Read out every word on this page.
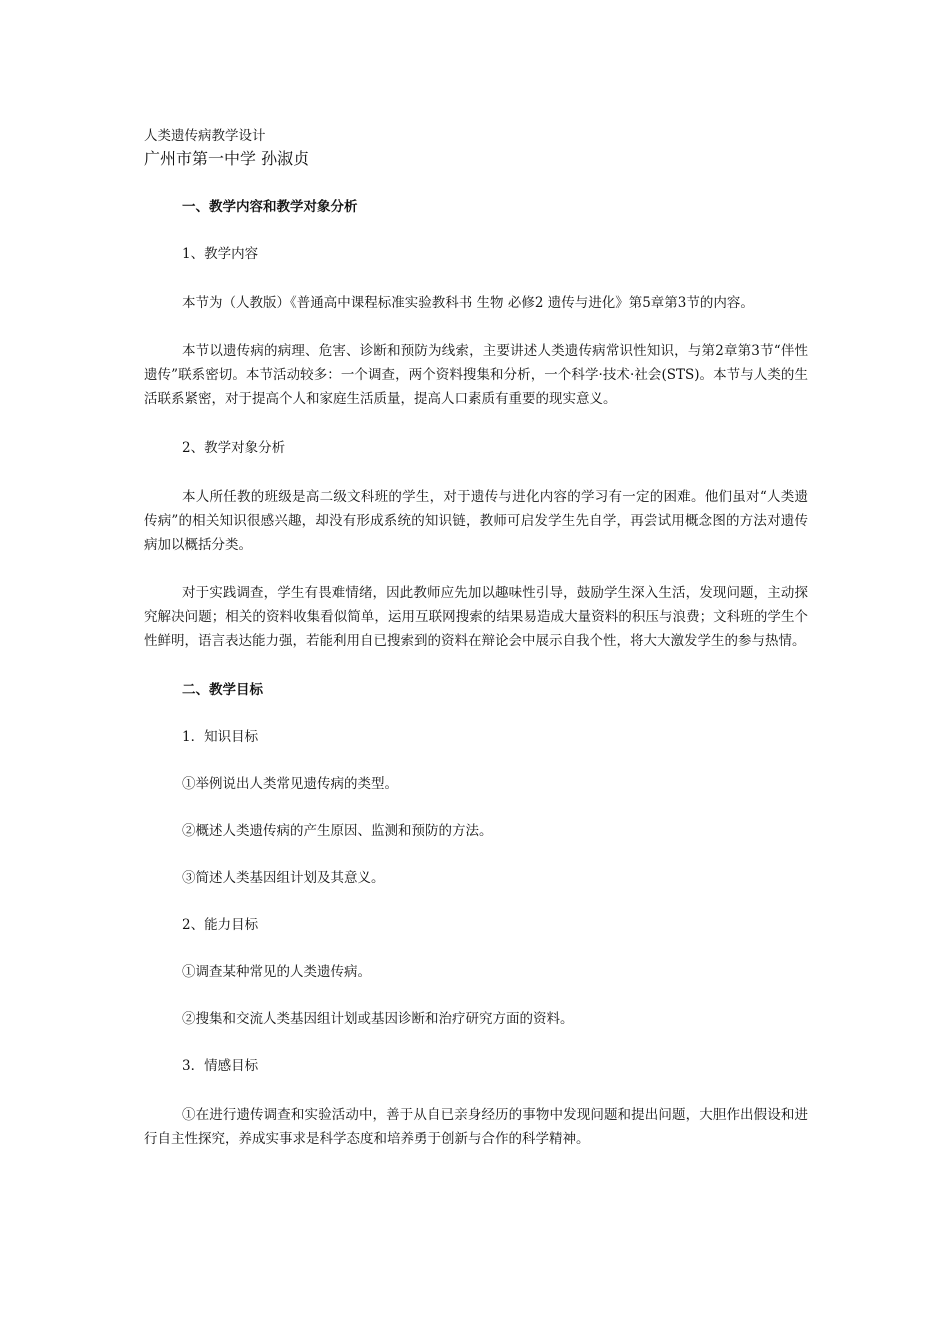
人类遗传病教学设计

广州市第一中学 孙淑贞

一、教学内容和教学对象分析

1、教学内容

本节为（人教版）《普通高中课程标准实验教科书 生物 必修2 遗传与进化》第5章第3节的内容。

本节以遗传病的病理、危害、诊断和预防为线索，主要讲述人类遗传病常识性知识，与第2章第3节“伴性遗传”联系密切。本节活动较多：一个调查，两个资料搜集和分析，一个科学·技术·社会(STS)。本节与人类的生活联系紧密，对于提高个人和家庭生活质量，提高人口素质有重要的现实意义。

2、教学对象分析

本人所任教的班级是高二级文科班的学生，对于遗传与进化内容的学习有一定的困难。他们虽对“人类遗传病”的相关知识很感兴趣，却没有形成系统的知识链，教师可启发学生先自学，再尝试用概念图的方法对遗传病加以概括分类。

对于实践调查，学生有畏难情绪，因此教师应先加以趣味性引导，鼓励学生深入生活，发现问题，主动探究解决问题；相关的资料收集看似简单，运用互联网搜索的结果易造成大量资料的积压与浪费；文科班的学生个性鲜明，语言表达能力强，若能利用自已搜索到的资料在辩论会中展示自我个性，将大大激发学生的参与热情。

二、教学目标

1．知识目标

①举例说出人类常见遗传病的类型。

②概述人类遗传病的产生原因、监测和预防的方法。

③简述人类基因组计划及其意义。

2、能力目标

①调查某种常见的人类遗传病。

②搜集和交流人类基因组计划或基因诊断和治疗研究方面的资料。

3．情感目标

①在进行遗传调查和实验活动中，善于从自已亲身经历的事物中发现问题和提出问题，大胆作出假设和进行自主性探究，养成实事求是科学态度和培养勇于创新与合作的科学精神。
